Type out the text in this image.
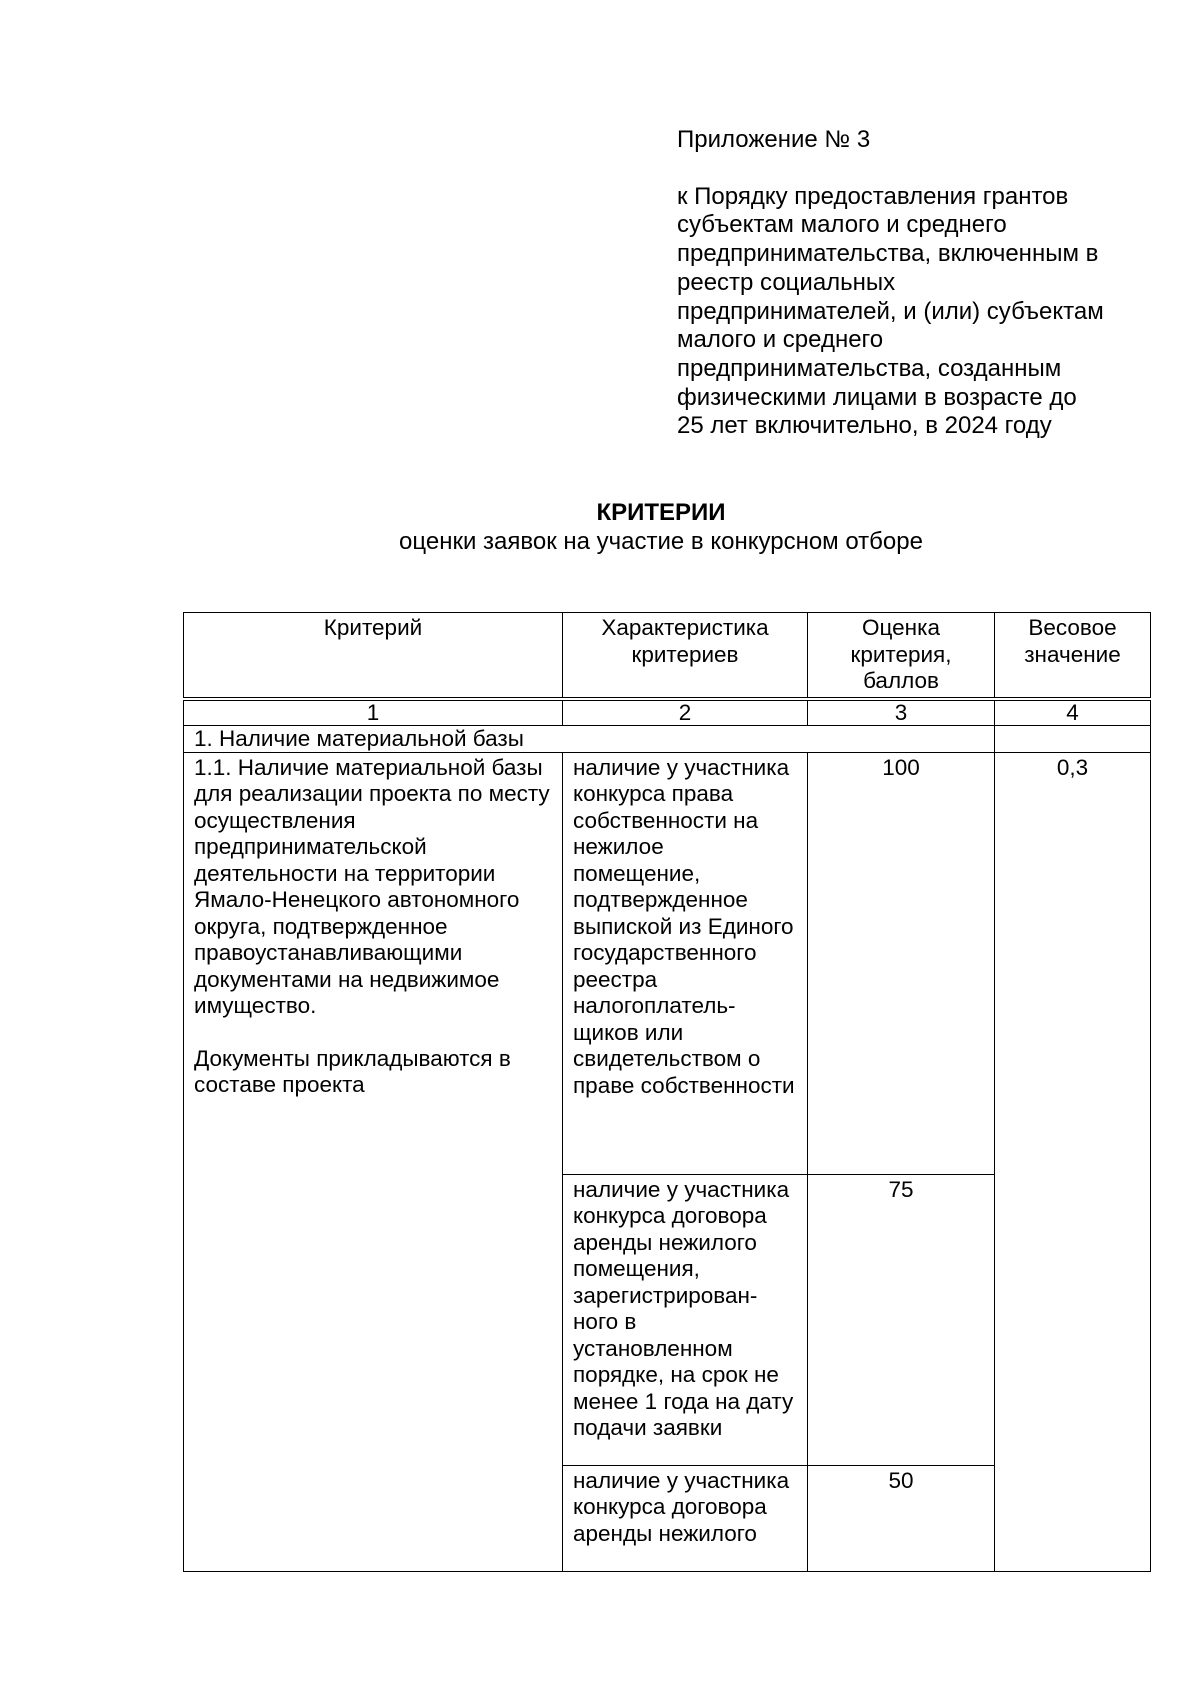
Приложение № 3

к Порядку предоставления грантов
субъектам малого и среднего
предпринимательства, включенным в
реестр социальных
предпринимателей, и (или) субъектам
малого и среднего
предпринимательства, созданным
физическими лицами в возрасте до
25 лет включительно, в 2024 году

КРИТЕРИИ
оценки заявок на участие в конкурсном отборе
Критерий	Характеристика критериев	Оценка критерия, баллов	Весовое значение
1	2	3	4
1. Наличие материальной базы			

1.1. Наличие материальной базы для реализации проекта по месту осуществления предпринимательской деятельности на территории Ямало-Ненецкого автономного округа, подтвержденное правоустанавливающими документами на недвижимое имущество.
Документы прикладываются в составе проекта	наличие у участника конкурса права собственности на нежилое помещение, подтвержденное выпиской из Единого государственного реестра налогоплатель-щиков или свидетельством о праве собственности	100	0,3
	наличие у участника конкурса договора аренды нежилого помещения, зарегистрирован-ного в установленном порядке, на срок не менее 1 года на дату подачи заявки	75	
	наличие у участника конкурса договора аренды нежилого	50	
